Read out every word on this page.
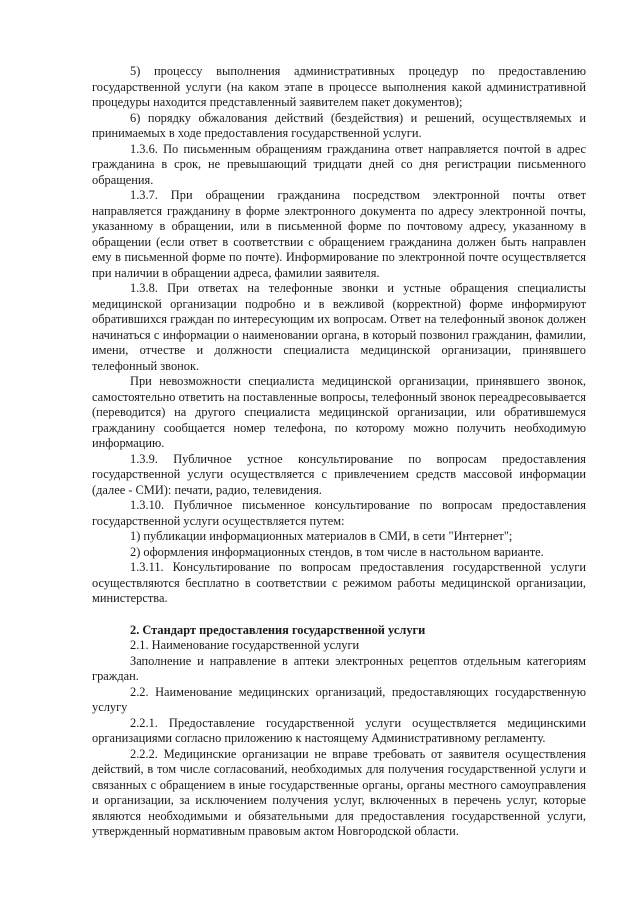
5) процессу выполнения административных процедур по предоставлению государственной услуги (на каком этапе в процессе выполнения какой административной процедуры находится представленный заявителем пакет документов);

6) порядку обжалования действий (бездействия) и решений, осуществляемых и принимаемых в ходе предоставления государственной услуги.

1.3.6. По письменным обращениям гражданина ответ направляется почтой в адрес гражданина в срок, не превышающий тридцати дней со дня регистрации письменного обращения.

1.3.7. При обращении гражданина посредством электронной почты ответ направляется гражданину в форме электронного документа по адресу электронной почты, указанному в обращении, или в письменной форме по почтовому адресу, указанному в обращении (если ответ в соответствии с обращением гражданина должен быть направлен ему в письменной форме по почте). Информирование по электронной почте осуществляется при наличии в обращении адреса, фамилии заявителя.

1.3.8. При ответах на телефонные звонки и устные обращения специалисты медицинской организации подробно и в вежливой (корректной) форме информируют обратившихся граждан по интересующим их вопросам. Ответ на телефонный звонок должен начинаться с информации о наименовании органа, в который позвонил гражданин, фамилии, имени, отчестве и должности специалиста медицинской организации, принявшего телефонный звонок.

При невозможности специалиста медицинской организации, принявшего звонок, самостоятельно ответить на поставленные вопросы, телефонный звонок переадресовывается (переводится) на другого специалиста медицинской организации, или обратившемуся гражданину сообщается номер телефона, по которому можно получить необходимую информацию.

1.3.9. Публичное устное консультирование по вопросам предоставления государственной услуги осуществляется с привлечением средств массовой информации (далее - СМИ): печати, радио, телевидения.

1.3.10. Публичное письменное консультирование по вопросам предоставления государственной услуги осуществляется путем:

1) публикации информационных материалов в СМИ, в сети "Интернет";

2) оформления информационных стендов, в том числе в настольном варианте.

1.3.11. Консультирование по вопросам предоставления государственной услуги осуществляются бесплатно в соответствии с режимом работы медицинской организации, министерства.

2. Стандарт предоставления государственной услуги

2.1. Наименование государственной услуги

Заполнение и направление в аптеки электронных рецептов отдельным категориям граждан.

2.2. Наименование медицинских организаций, предоставляющих государственную услугу

2.2.1. Предоставление государственной услуги осуществляется медицинскими организациями согласно приложению к настоящему Административному регламенту.

2.2.2. Медицинские организации не вправе требовать от заявителя осуществления действий, в том числе согласований, необходимых для получения государственной услуги и связанных с обращением в иные государственные органы, органы местного самоуправления и организации, за исключением получения услуг, включенных в перечень услуг, которые являются необходимыми и обязательными для предоставления государственной услуги, утвержденный нормативным правовым актом Новгородской области.
